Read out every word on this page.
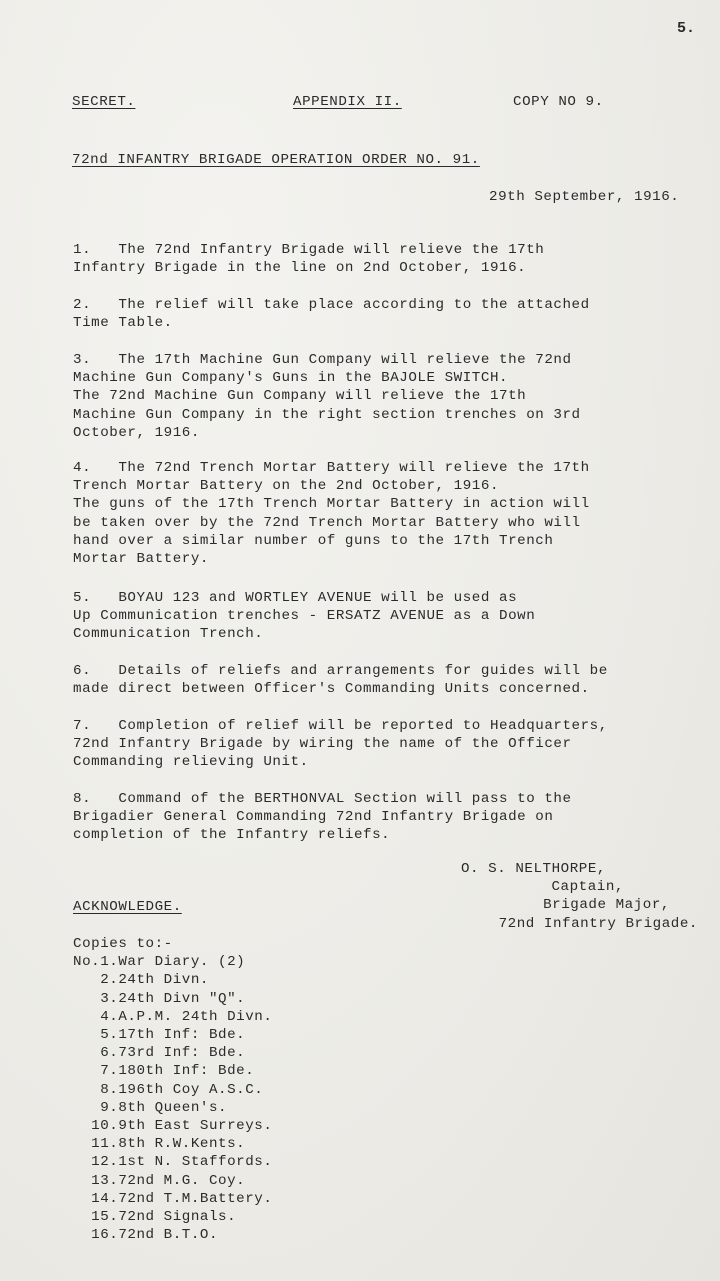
5.
SECRET.	APPENDIX II.	COPY NO 9.
72nd INFANTRY BRIGADE OPERATION ORDER NO. 91.
29th September, 1916.
1.   The 72nd Infantry Brigade will relieve the 17th
Infantry Brigade in the line on 2nd October, 1916.
2.   The relief will take place according to the attached
Time Table.
3.   The 17th Machine Gun Company will relieve the 72nd
Machine Gun Company's Guns in the BAJOLE SWITCH.
The 72nd Machine Gun Company will relieve the 17th
Machine Gun Company in the right section trenches on 3rd
October, 1916.
4.   The 72nd Trench Mortar Battery will relieve the 17th
Trench Mortar Battery on the 2nd October, 1916.
The guns of the 17th Trench Mortar Battery in action will
be taken over by the 72nd Trench Mortar Battery who will
hand over a similar number of guns to the 17th Trench
Mortar Battery.
5.   BOYAU 123 and WORTLEY AVENUE will be used as
Up Communication trenches - ERSATZ AVENUE as a Down
Communication Trench.
6.   Details of reliefs and arrangements for guides will be
made direct between Officer's Commanding Units concerned.
7.   Completion of relief will be reported to Headquarters,
72nd Infantry Brigade by wiring the name of the Officer
Commanding relieving Unit.
8.   Command of the BERTHONVAL Section will pass to the
Brigadier General Commanding 72nd Infantry Brigade on
completion of the Infantry reliefs.
O. S. NELTHORPE,
Captain,
Brigade Major,
72nd Infantry Brigade.
ACKNOWLEDGE.
Copies to:-
No.1.War Diary. (2)
2.24th Divn.
3.24th Divn "Q".
4.A.P.M. 24th Divn.
5.17th Inf: Bde.
6.73rd Inf: Bde.
7.180th Inf: Bde.
8.196th Coy A.S.C.
9.8th Queen's.
10.9th East Surreys.
11.8th R.W.Kents.
12.1st N. Staffords.
13.72nd M.G. Coy.
14.72nd T.M.Battery.
15.72nd Signals.
16.72nd B.T.O.
